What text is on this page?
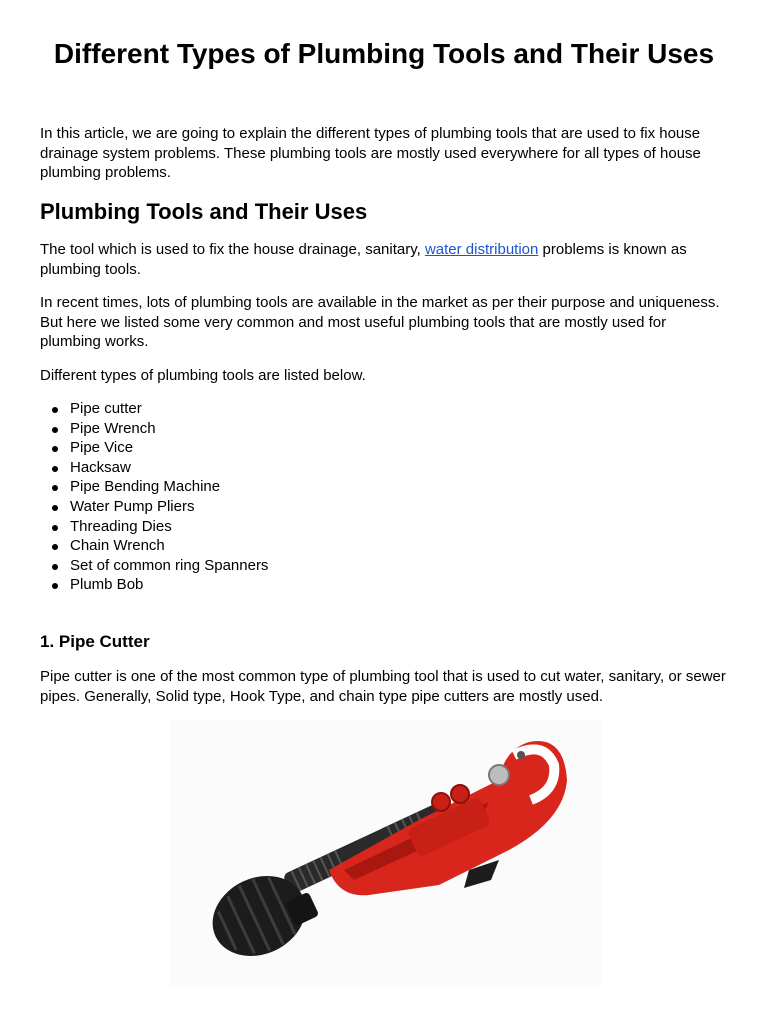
Different Types of Plumbing Tools and Their Uses

In this article, we are going to explain the different types of plumbing tools that are used to fix house drainage system problems. These plumbing tools are mostly used everywhere for all types of house plumbing problems.

Plumbing Tools and Their Uses

The tool which is used to fix the house drainage, sanitary, water distribution problems is known as plumbing tools.

In recent times, lots of plumbing tools are available in the market as per their purpose and uniqueness. But here we listed some very common and most useful plumbing tools that are mostly used for plumbing works.

Different types of plumbing tools are listed below.

Pipe cutter
Pipe Wrench
Pipe Vice
Hacksaw
Pipe Bending Machine
Water Pump Pliers
Threading Dies
Chain Wrench
Set of common ring Spanners
Plumb Bob
1. Pipe Cutter

Pipe cutter is one of the most common type of plumbing tool that is used to cut water, sanitary, or sewer pipes. Generally, Solid type, Hook Type, and chain type pipe cutters are mostly used.
